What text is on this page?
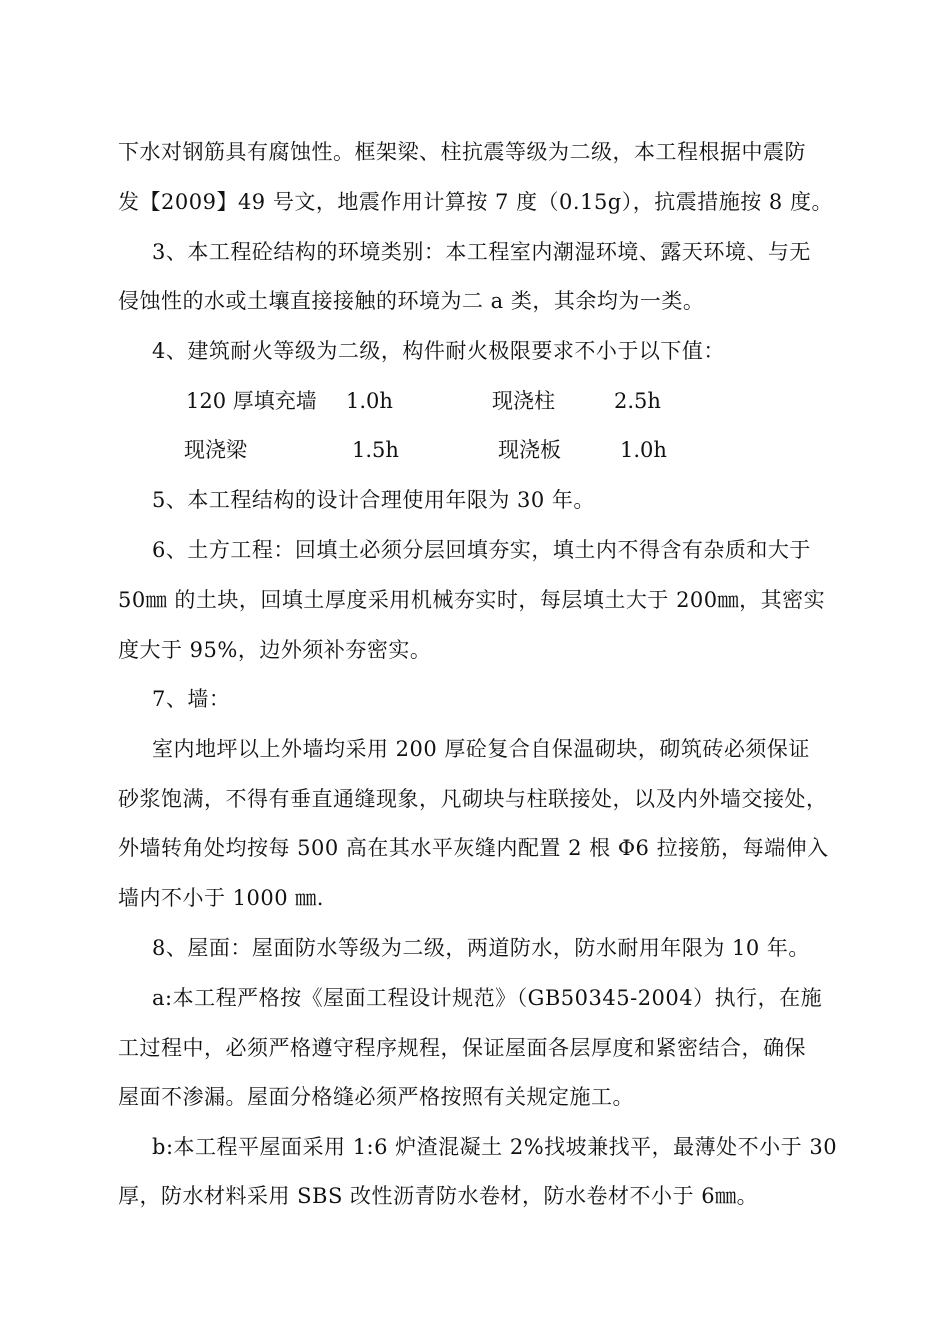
下水对钢筋具有腐蚀性。框架梁、柱抗震等级为二级，本工程根据中震防
发【2009】49 号文，地震作用计算按 7 度（0.15g），抗震措施按 8 度。
3、本工程砼结构的环境类别：本工程室内潮湿环境、露天环境、与无
侵蚀性的水或土壤直接接触的环境为二 a 类，其余均为一类。
4、建筑耐火等级为二级，构件耐火极限要求不小于以下值：
120 厚填充墙 1.0h	现浇柱	2.5h
现浇梁	1.5h	现浇板	1.0h
5、本工程结构的设计合理使用年限为 30 年。
6、土方工程：回填土必须分层回填夯实，填土内不得含有杂质和大于
50㎜ 的土块，回填土厚度采用机械夯实时，每层填土大于 200㎜，其密实
度大于 95%，边外须补夯密实。
7、墙：
室内地坪以上外墙均采用 200 厚砼复合自保温砌块，砌筑砖必须保证
砂浆饱满，不得有垂直通缝现象，凡砌块与柱联接处，以及内外墙交接处，
外墙转角处均按每 500 高在其水平灰缝内配置 2 根 Φ6 拉接筋，每端伸入
墙内不小于 1000 ㎜.
8、屋面：屋面防水等级为二级，两道防水，防水耐用年限为 10 年。
a:本工程严格按《屋面工程设计规范》（GB50345-2004）执行，在施
工过程中，必须严格遵守程序规程，保证屋面各层厚度和紧密结合，确保
屋面不渗漏。屋面分格缝必须严格按照有关规定施工。
b:本工程平屋面采用 1:6 炉渣混凝土 2%找坡兼找平，最薄处不小于 30
厚，防水材料采用 SBS 改性沥青防水卷材，防水卷材不小于 6㎜。
